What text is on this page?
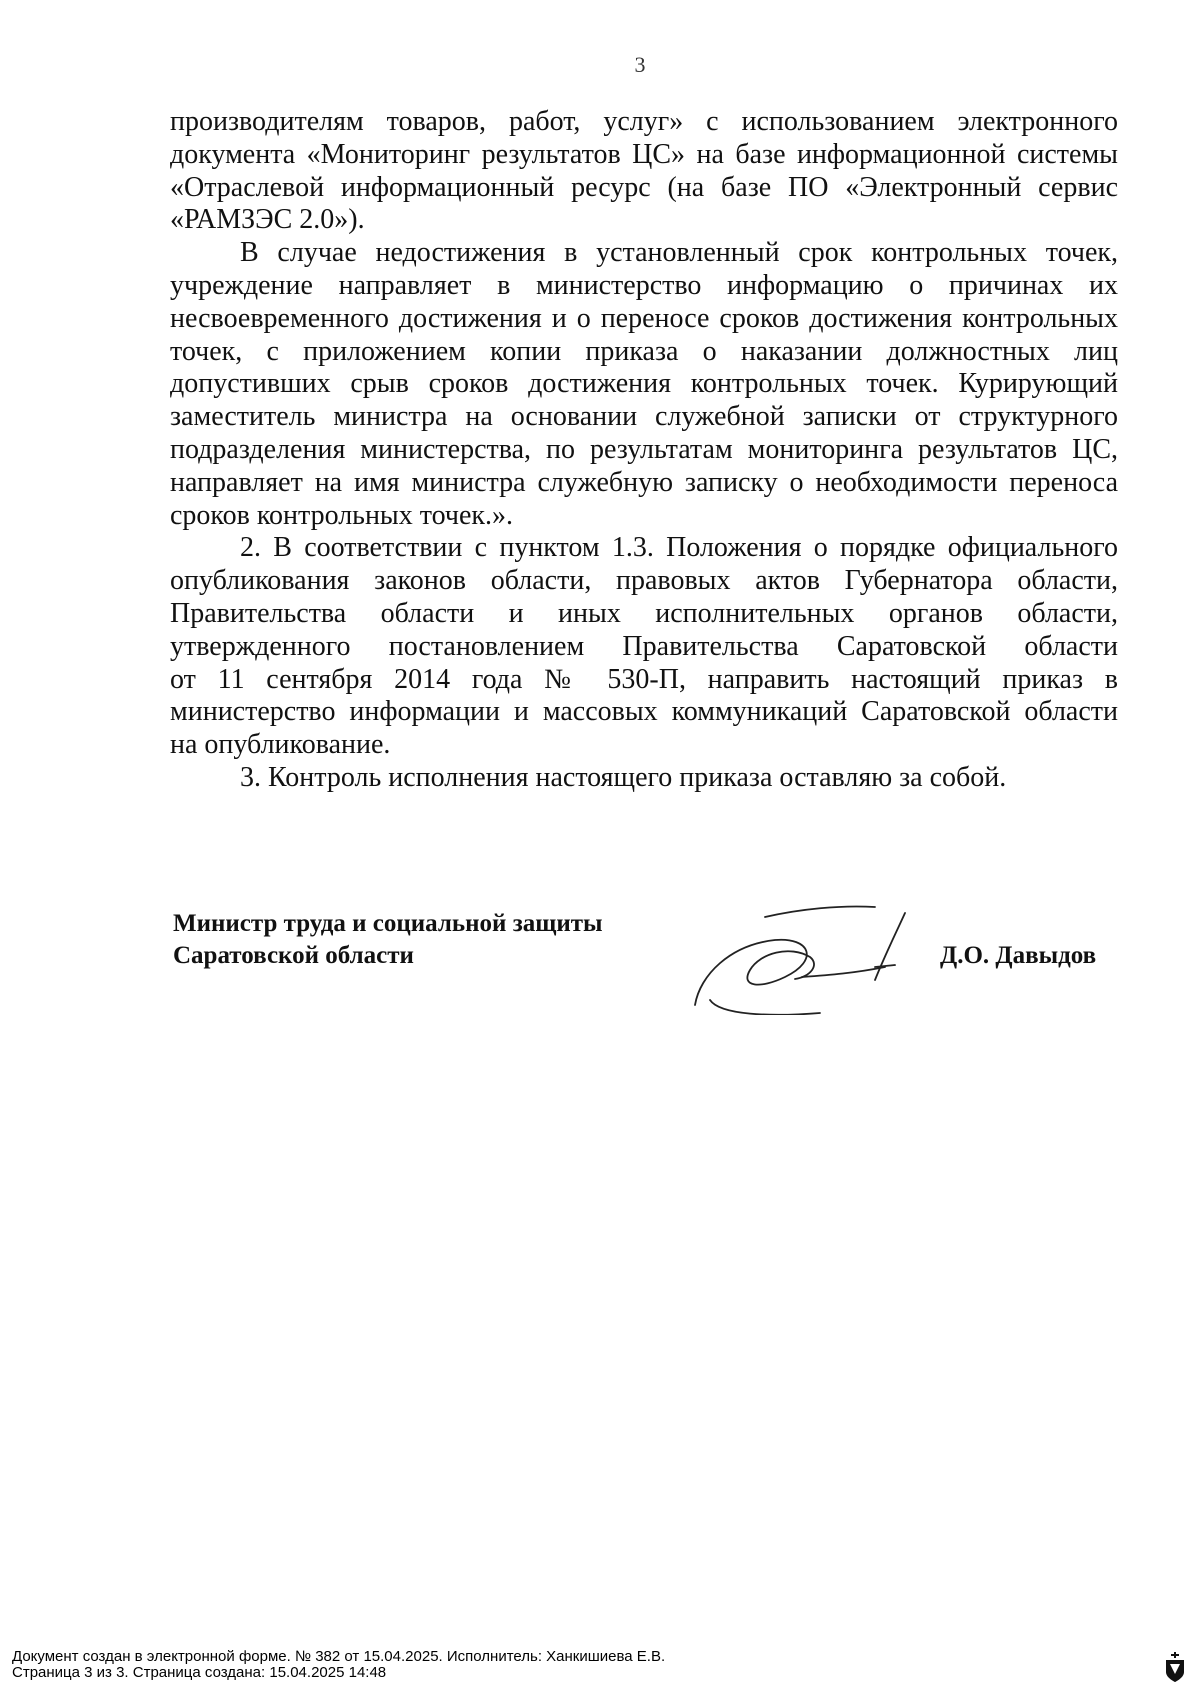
3

производителям товаров, работ, услуг» с использованием электронного

документа «Мониторинг результатов ЦС» на базе информационной системы

«Отраслевой информационный ресурс (на базе ПО «Электронный сервис

«РАМЗЭС 2.0»).

В случае недостижения в установленный срок контрольных точек,

учреждение направляет в министерство информацию о причинах их

несвоевременного достижения и о переносе сроков достижения контрольных

точек, с приложением копии приказа о наказании должностных лиц

допустивших срыв сроков достижения контрольных точек. Курирующий

заместитель министра на основании служебной записки от структурного

подразделения министерства, по результатам мониторинга результатов ЦС,

направляет на имя министра служебную записку о необходимости переноса

сроков контрольных точек.».

2. В соответствии с пунктом 1.3. Положения о порядке официального

опубликования законов области, правовых актов Губернатора области,

Правительства области и иных исполнительных органов области,

утвержденного постановлением Правительства Саратовской области

от 11 сентября 2014 года № 530-П, направить настоящий приказ в

министерство информации и массовых коммуникаций Саратовской области

на опубликование.

3. Контроль исполнения настоящего приказа оставляю за собой.

Министр труда и социальной защиты
Саратовской области	Д.О. Давыдов
Документ создан в электронной форме. № 382 от 15.04.2025. Исполнитель: Ханкишиева Е.В.
Страница 3 из 3. Страница создана: 15.04.2025 14:48
